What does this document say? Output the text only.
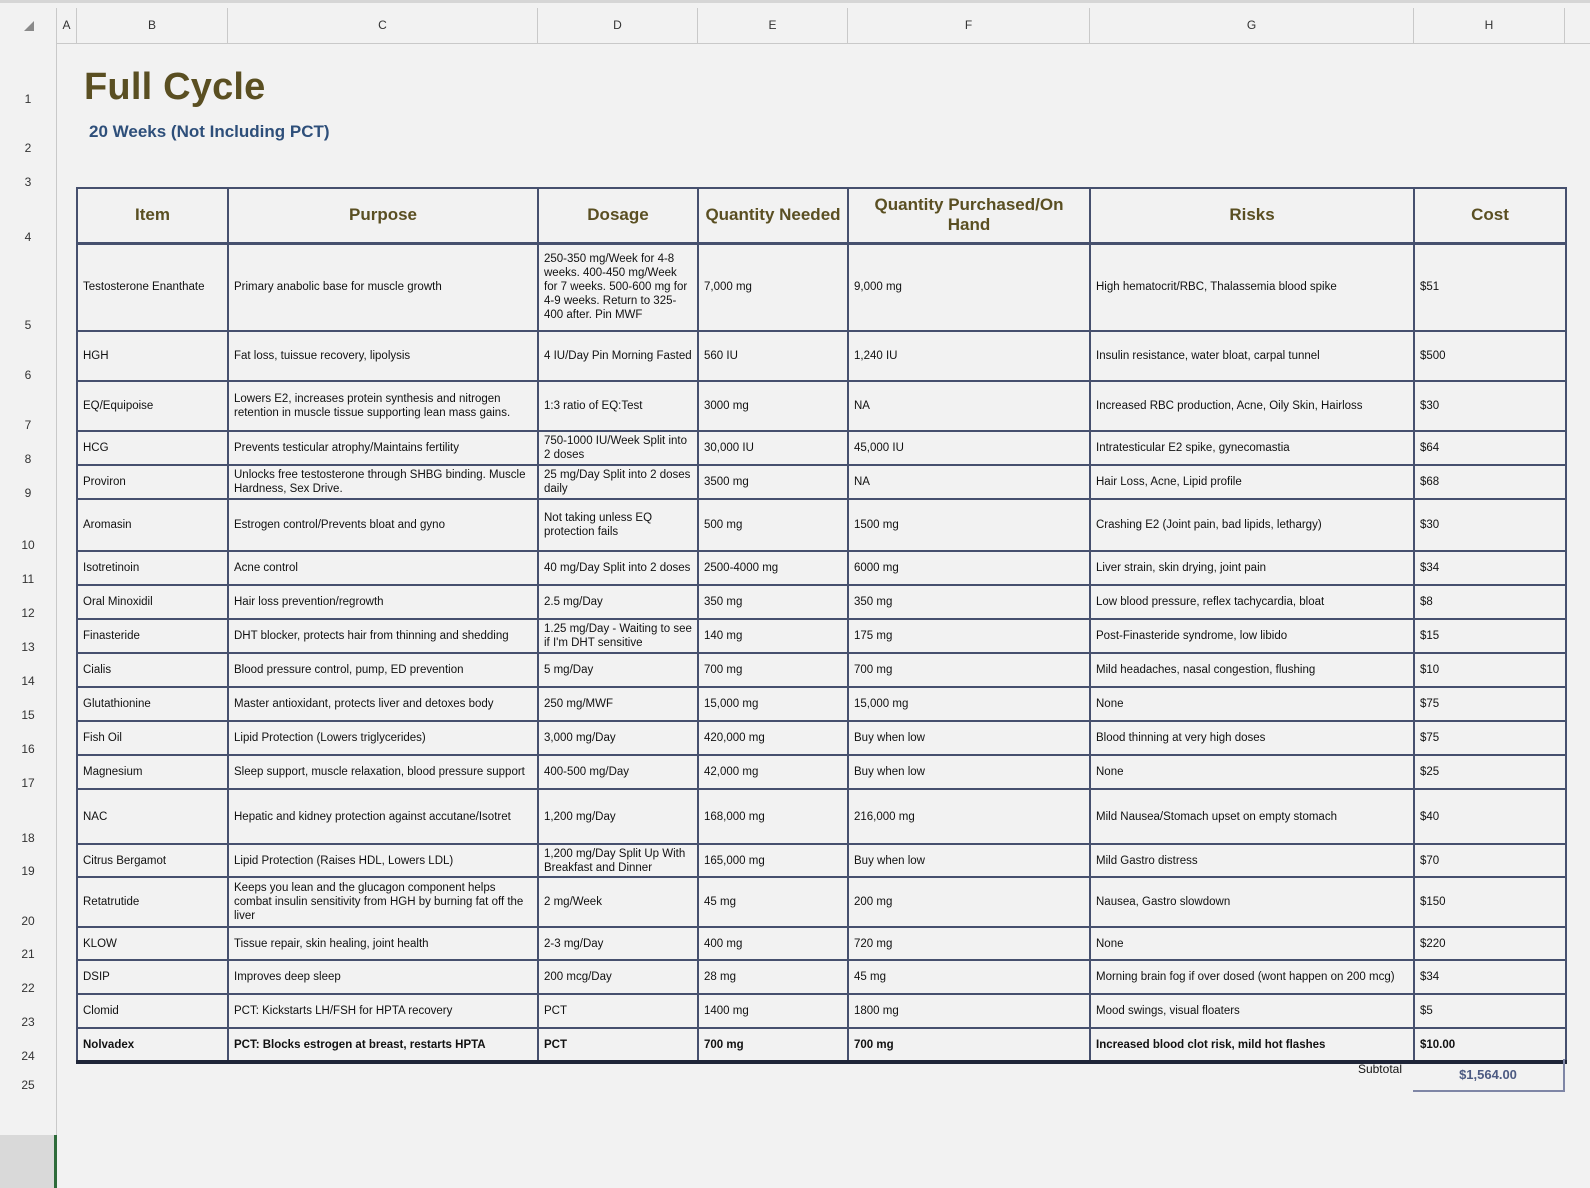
A	B	C	D	E	F	G	H
1
2
3
4
5
6
7
8
9
10
11
12
13
14
15
16
17
18
19
20
21
22
23
24
25
Full Cycle
20 Weeks (Not Including PCT)
Item	Purpose	Dosage	Quantity Needed	Quantity Purchased/On Hand	Risks	Cost
Testosterone Enanthate	Primary anabolic base for muscle growth	250-350 mg/Week for 4-8 weeks. 400-450 mg/Week for 7 weeks. 500-600 mg for 4-9 weeks. Return to 325-400 after. Pin MWF	7,000 mg	9,000 mg	High hematocrit/RBC, Thalassemia blood spike	$51
HGH	Fat loss, tuissue recovery, lipolysis	4 IU/Day Pin Morning Fasted	560 IU	1,240 IU	Insulin resistance, water bloat, carpal tunnel	$500
EQ/Equipoise	Lowers E2, increases protein synthesis and nitrogen retention in muscle tissue supporting lean mass gains.	1:3 ratio of EQ:Test	3000 mg	NA	Increased RBC production, Acne, Oily Skin, Hairloss	$30
HCG	Prevents testicular atrophy/Maintains fertility	750-1000 IU/Week Split into 2 doses	30,000 IU	45,000 IU	Intratesticular E2 spike, gynecomastia	$64
Proviron	Unlocks free testosterone through SHBG binding. Muscle Hardness, Sex Drive.	25 mg/Day Split into 2 doses daily	3500 mg	NA	Hair Loss, Acne, Lipid profile	$68
Aromasin	Estrogen control/Prevents bloat and gyno	Not taking unless EQ protection fails	500 mg	1500 mg	Crashing E2 (Joint pain, bad lipids, lethargy)	$30
Isotretinoin	Acne control	40 mg/Day Split into 2 doses	2500-4000 mg	6000 mg	Liver strain, skin drying, joint pain	$34
Oral Minoxidil	Hair loss prevention/regrowth	2.5 mg/Day	350 mg	350 mg	Low blood pressure, reflex tachycardia, bloat	$8
Finasteride	DHT blocker, protects hair from thinning and shedding	1.25 mg/Day - Waiting to see if I'm DHT sensitive	140 mg	175 mg	Post-Finasteride syndrome, low libido	$15
Cialis	Blood pressure control, pump, ED prevention	5 mg/Day	700 mg	700 mg	Mild headaches, nasal congestion, flushing	$10
Glutathionine	Master antioxidant, protects liver and detoxes body	250 mg/MWF	15,000 mg	15,000 mg	None	$75
Fish Oil	Lipid Protection (Lowers triglycerides)	3,000 mg/Day	420,000 mg	Buy when low	Blood thinning at very high doses	$75
Magnesium	Sleep support, muscle relaxation, blood pressure support	400-500 mg/Day	42,000 mg	Buy when low	None	$25
NAC	Hepatic and kidney protection against accutane/Isotret	1,200 mg/Day	168,000 mg	216,000 mg	Mild Nausea/Stomach upset on empty stomach	$40
Citrus Bergamot	Lipid Protection (Raises HDL, Lowers LDL)	1,200 mg/Day Split Up With Breakfast and Dinner	165,000 mg	Buy when low	Mild Gastro distress	$70
Retatrutide	Keeps you lean and the glucagon component helps combat insulin sensitivity from HGH by burning fat off the liver	2 mg/Week	45 mg	200 mg	Nausea, Gastro slowdown	$150
KLOW	Tissue repair, skin healing, joint health	2-3 mg/Day	400 mg	720 mg	None	$220
DSIP	Improves deep sleep	200 mcg/Day	28 mg	45 mg	Morning brain fog if over dosed (wont happen on 200 mcg)	$34
Clomid	PCT: Kickstarts LH/FSH for HPTA recovery	PCT	1400 mg	1800 mg	Mood swings, visual floaters	$5
Nolvadex	PCT: Blocks estrogen at breast, restarts HPTA	PCT	700 mg	700 mg	Increased blood clot risk, mild hot flashes	$10.00
Subtotal	$1,564.00
